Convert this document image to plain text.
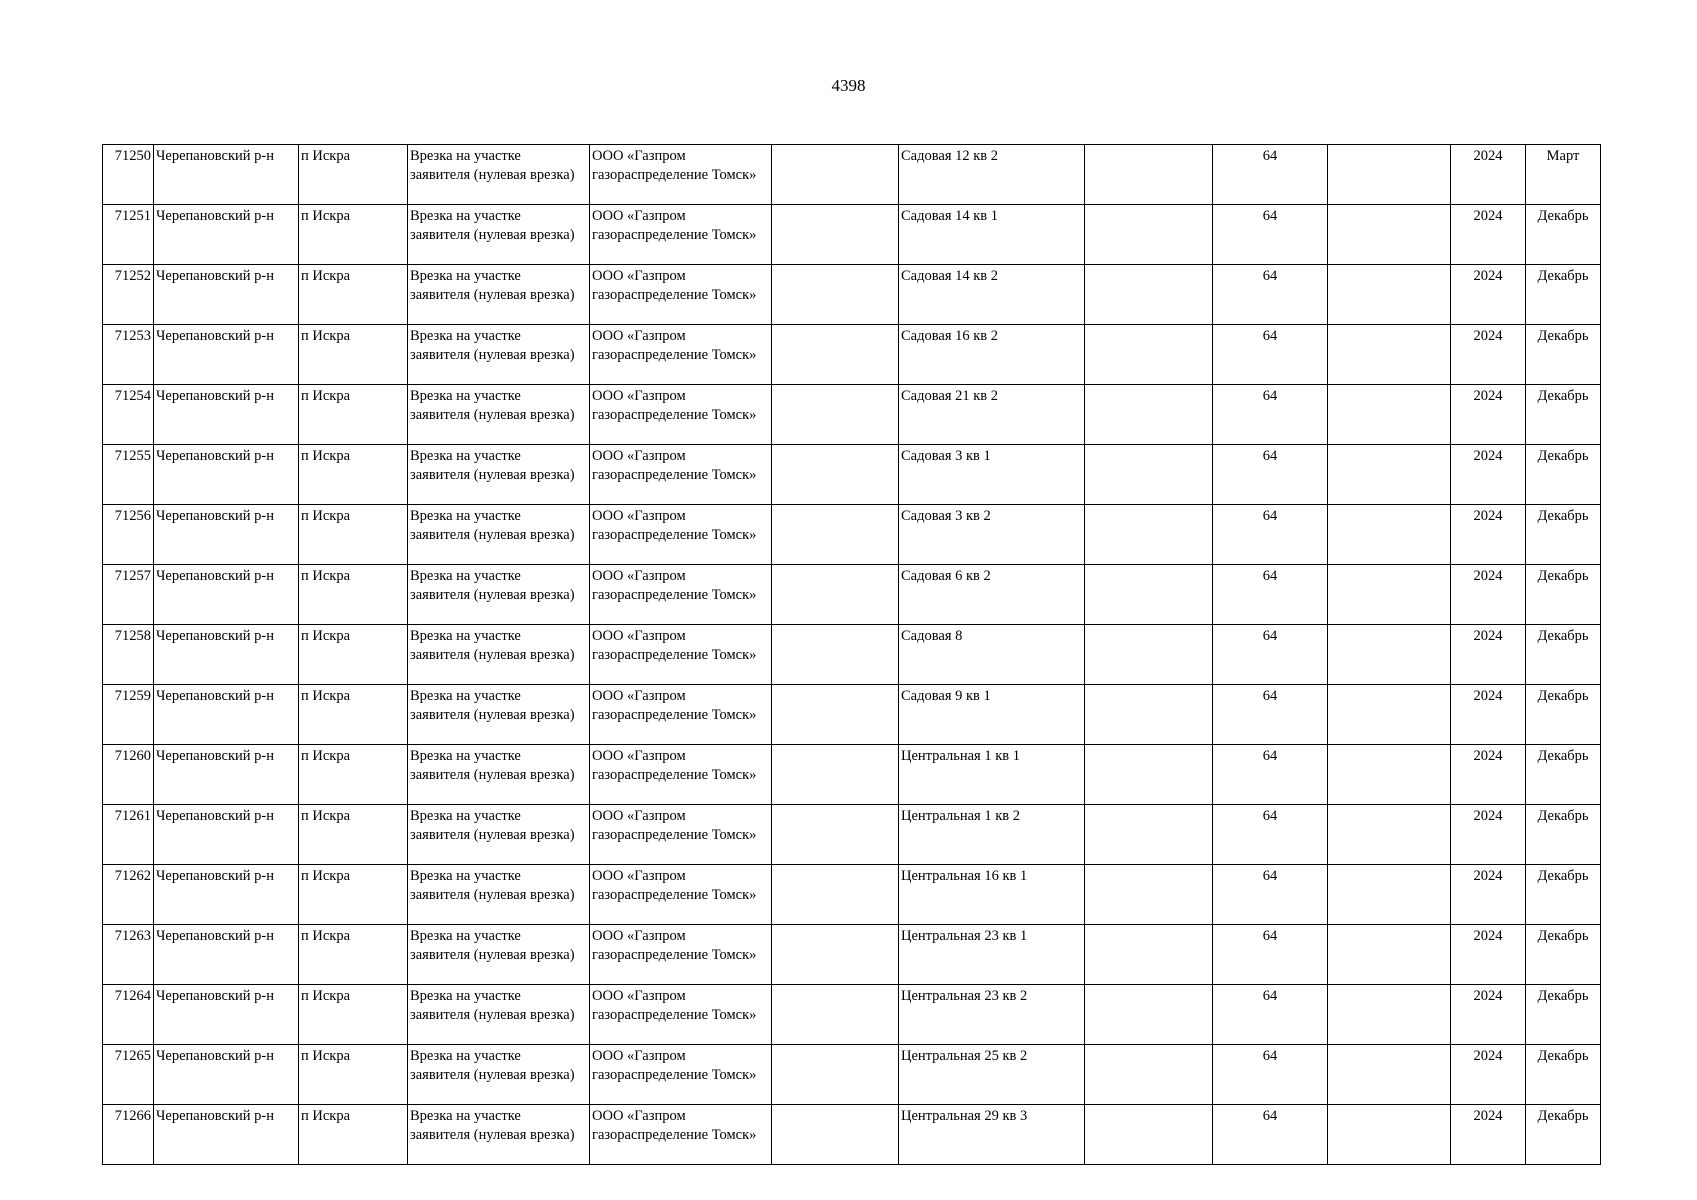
4398
71250	Черепановский р-н	п Искра	Врезка на участке
заявителя (нулевая врезка)	ООО «Газпром
газораспределение Томск»		Садовая 12 кв 2		64		2024	Март
71251	Черепановский р-н	п Искра	Врезка на участке
заявителя (нулевая врезка)	ООО «Газпром
газораспределение Томск»		Садовая 14 кв 1		64		2024	Декабрь
71252	Черепановский р-н	п Искра	Врезка на участке
заявителя (нулевая врезка)	ООО «Газпром
газораспределение Томск»		Садовая 14 кв 2		64		2024	Декабрь
71253	Черепановский р-н	п Искра	Врезка на участке
заявителя (нулевая врезка)	ООО «Газпром
газораспределение Томск»		Садовая 16 кв 2		64		2024	Декабрь
71254	Черепановский р-н	п Искра	Врезка на участке
заявителя (нулевая врезка)	ООО «Газпром
газораспределение Томск»		Садовая 21 кв 2		64		2024	Декабрь
71255	Черепановский р-н	п Искра	Врезка на участке
заявителя (нулевая врезка)	ООО «Газпром
газораспределение Томск»		Садовая 3 кв 1		64		2024	Декабрь
71256	Черепановский р-н	п Искра	Врезка на участке
заявителя (нулевая врезка)	ООО «Газпром
газораспределение Томск»		Садовая 3 кв 2		64		2024	Декабрь
71257	Черепановский р-н	п Искра	Врезка на участке
заявителя (нулевая врезка)	ООО «Газпром
газораспределение Томск»		Садовая 6 кв 2		64		2024	Декабрь
71258	Черепановский р-н	п Искра	Врезка на участке
заявителя (нулевая врезка)	ООО «Газпром
газораспределение Томск»		Садовая 8		64		2024	Декабрь
71259	Черепановский р-н	п Искра	Врезка на участке
заявителя (нулевая врезка)	ООО «Газпром
газораспределение Томск»		Садовая 9 кв 1		64		2024	Декабрь
71260	Черепановский р-н	п Искра	Врезка на участке
заявителя (нулевая врезка)	ООО «Газпром
газораспределение Томск»		Центральная 1 кв 1		64		2024	Декабрь
71261	Черепановский р-н	п Искра	Врезка на участке
заявителя (нулевая врезка)	ООО «Газпром
газораспределение Томск»		Центральная 1 кв 2		64		2024	Декабрь
71262	Черепановский р-н	п Искра	Врезка на участке
заявителя (нулевая врезка)	ООО «Газпром
газораспределение Томск»		Центральная 16 кв 1		64		2024	Декабрь
71263	Черепановский р-н	п Искра	Врезка на участке
заявителя (нулевая врезка)	ООО «Газпром
газораспределение Томск»		Центральная 23 кв 1		64		2024	Декабрь
71264	Черепановский р-н	п Искра	Врезка на участке
заявителя (нулевая врезка)	ООО «Газпром
газораспределение Томск»		Центральная 23 кв 2		64		2024	Декабрь
71265	Черепановский р-н	п Искра	Врезка на участке
заявителя (нулевая врезка)	ООО «Газпром
газораспределение Томск»		Центральная 25 кв 2		64		2024	Декабрь
71266	Черепановский р-н	п Искра	Врезка на участке
заявителя (нулевая врезка)	ООО «Газпром
газораспределение Томск»		Центральная 29 кв 3		64		2024	Декабрь
